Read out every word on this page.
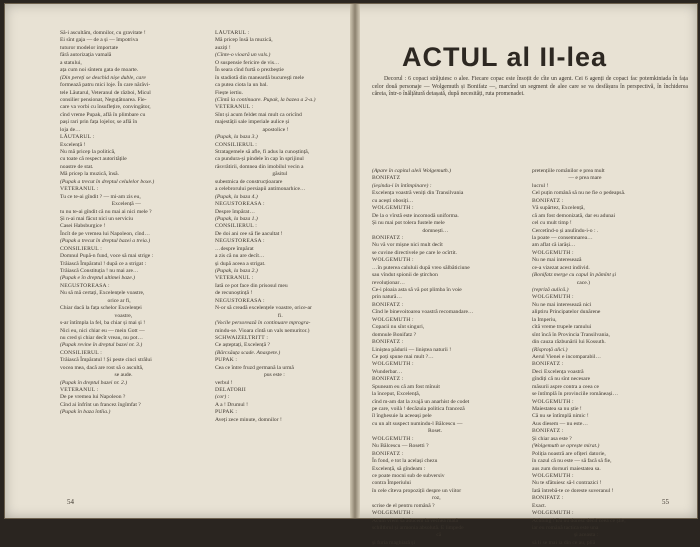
Să-i ascultăm, domnilor, cu gravitate !
Ei sînt gaja — de a și — împotriva
tuturor modelor importate
fără autorizația vamală
a statului,
ața cum noi sîntem gata de moarte.
(Din pereți se deschid nișe duble, care
formează patru mici loje. În care nărăvi-
tele Lăutarul, Veteranul de război, Micul
consilier pensionat, Neguțătoarea. Fie-
care va vorbi cu însuflețire, convingător,
cînd vreme Pupak, află în plimbare cu
pași rari prin fața lojelor, se află în
loja de…
LĂUTARUL :
Excelență !
Nu mă pricep la politică,
cu toate că respect autoritățile
noastre de stat.
Mă pricep la muzică, însă.
(Pupak a trecut în dreptul celulelor boxe.)
VETERANUL :
Tu ce te-ai gîndit ? — mi-am zis eu,
Excelență —
tu nu te-ai gîndit că nu mai ai nici mele ?
Și n-ai mai făcut nici un serviciu
Casei Habsburgice !
Încît de pe vremea lui Napoleon, cînd…
(Pupak a trecut în dreptul bazei a treia.)
CONSILIERUL :
Domnul Pupă-n fund, voce să mai strige :
Trăiască Împăratul ! după ce a strigat :
Trăiască Constituția ! nu mai are…
(Pupak e în dreptul ultimei baze.)
NEGUSTOREASA :
Nu să mă certați, Excelențele voastre,
orice ar fi,
Chiar dacă la fața schelor Excelenței
voastre,
s-ar întîmpla la fel, ba chiar și mai și !
Nici eu, nici chiar eu — mein Gott —
nu cred și chiar decît vreau, nu pot…
(Pupak revine în dreptul bazei nr. 3.)
CONSILIERUL :
Trăiască Împăratul ! Și peste cinci strălui
vocea mea, dacă are rost să o ascultă,
se aude.
(Pupak în dreptul bazei nr. 2.)
VETERANUL :
De pe vremea lui Napoleon ?
Cînd ai înfrînt un francez îngîmfat ?
(Pupak în baza întîia.)
LĂUTARUL :
Mă pricep însă la muzică,
auziți !
(Cînte-o vioară un vals.)
O suspensie fericire de vis…
În seara cînd furtă o prezbeștie
în stadiotă din maneardă bucureșți mele
ca putea ciota la un bal.
Fiește iertiu.
(Cîntă la continuare. Pupak, la bazea a 2-a.)
VETERANUL :
Sînt și acum feldet mai mult ca oricînd
majestății sale imperiale aulice și
apostolice !
(Pupak, la baza 3.)
CONSILIERUL :
Stratagemele să afle, fi adus la cunoștință,
ca pundura-și pindele în cap în sprijinul
răsvrătirii, domnea din imobilul vecin a
găsitul
subestnica de construcțioarare
a celebrorului persiapii antimonarhice…
(Pupak, la baza 4.)
NEGUSTOREASA :
Despre împărat…
(Pupak, la baza 1.)
CONSILIERUL :
De doi ani cee să fie aacultat !
NEGUSTOREASA :
…despre împărat
a zis că nu are decît…
și după aceea a strigat.
(Pupak, la baza 2.)
VETERANUL :
Iată ce pot face din prisosul meu
de recunoștință !
NEGUSTOREASA :
N-or să creadă excelențele voastre, orice-ar
fi.
(Vocile persorează în continuare mprogra-
mindu-se. Vioara cîntă un vals nemuritor.)
SCHWAIZELTRITT :
Ce așteptați, Excelență ?
(Bărcsăuța scade. Anaspete.)
PUPAK :
Cea ce între fruzd germană la urmă
pus este :
verbul !
DELATORII
(cor) :
A a ! Drumul !
PUPAK :
Aveți zece minute, domnilor !
54
ACTUL al II-lea

Decorul : 6 copaci străjuiesc o alee. Fiecare copac este însoțit de cîte un agent. Cei 6 agenți de copaci fac potemkiniada în fața celor două personaje — Wolgemuth și Bonifatz —, marcînd un segment de alee care se va desfășura în perspectivă, în închiderea căreia, într-o înălțătură detașată, după necesități, ruta promenadei.

(Apare în capital aleii Wolgemuth.)
BONIFATZ
(ieșindu-i în întîmpinare) :
Excelența voastră veniți din Transilvania
cu acești obosiți…
WOLGEMUTH :
De la o vîrstă este incomodă uniforma.
Și nu mai pot tolera fustele mele
domnești…
BONIFATZ :
Nu vă vor mișne nici mult decît
se cuvine directivele pe care le ocîrtit.
WOLGEMUTH :
…în puterea caluluii după vreo sălbăticiune
sau vîndut spionii de știrchon
revoluționar…
Ce-i ploaia asta să vă pot plimba în voie
prin natură…
BONIFATZ :
Cînd le binevoitoarea voastră recomandare…
WOLGEMUTH :
Copacii nu sînt singuri,
domnule Bonifatz ?
BONIFATZ :
Liniștea pădurii — liniștea naturii !
Ce poți spune mai mult ?…
WOLGEMUTH :
Wunderbar…
BONIFATZ :
Spuneam eu că am fost mînuit
la început, Excelență,
cînd m-am dat la zvajă un anarhist de codet
pe care, voilà ! decăzuia politica franceză
îl înghesuie la aceeași pele
cu un alt suspect numindu-l Bălcescu —
Roset.
WOLGEMUTH :
Nu Bălcescu — Rosetti ?
BONIFATZ :
În fond, e tot la același chezu
Excelență, să gîndeam :
ce poate mocni sub de subversiv
contra Împeriului
în cele cîteva propoziții despre un viitor
roz,
scrise de el pentru română ?
WOLGEMUTH :
Acum vrem să aducem la vechea mată
schiltbrul și armonia absolută. E limpede
că
și furia maghiară și
pretențiile românilor e prea mult
— e prea mare
lucrul !
Cel puțin română să nu ne fie o pedeapsă.
BONIFATZ :
Vă supărtez, Excelență,
că am fost demonizată, dar eu adunai
cel cu mult timp !
Cercetînd-o și anulîndu-i-o : .
la poate — consemnarea…
am aflat că iarăși…
WOLGEMUTH :
Nu ne mai interesează
ce-a vizezat acest individ.
(Bonifatz merge cu capul în pămînt și
cace.)
(repriză aulică.)
WOLGEMUTH :
Nu ne mai interesează nici
aliptiru Principatelor dunărene
la Imperiu,
cîtă vreme trupele ramului
sînt încă în Provincia Transilvania,
din cauza răzbunării lui Kossuth.
(Rîsproță alici.)
Aerul Vienei e incomparabil…
BONIFATZ :
Deci Excelența voastră
gîndiți că nu sînt necesare
măsurii aspre contra a ceea ce
se întîmplă în provinciile româneași…
WOLGEMUTH :
Maiestatea sa nu știe !
Că nu se întîmplă nimic !
Aus diesem — nu este…
BONIFATZ :
Și chiar asa este ?
(Wolgemuth se oprește mirat.)
Poliția noastră are ofițeri datorie,
în cazul că nu este — să facă să fie,
aus zum dornuri maiestatea sa.
WOLGEMUTH :
Nu te sfătuiesc să-l contrazici !
Iată întrebă-te ce doreste suveranul !
BONIFATZ :
Exact.
WOLGEMUTH :
Achtung ! Eu nu doresc decît ceea ce știe,
iar eu română tactica este una
și aceasta :
să li se mai ia din ce au, plîă
55
